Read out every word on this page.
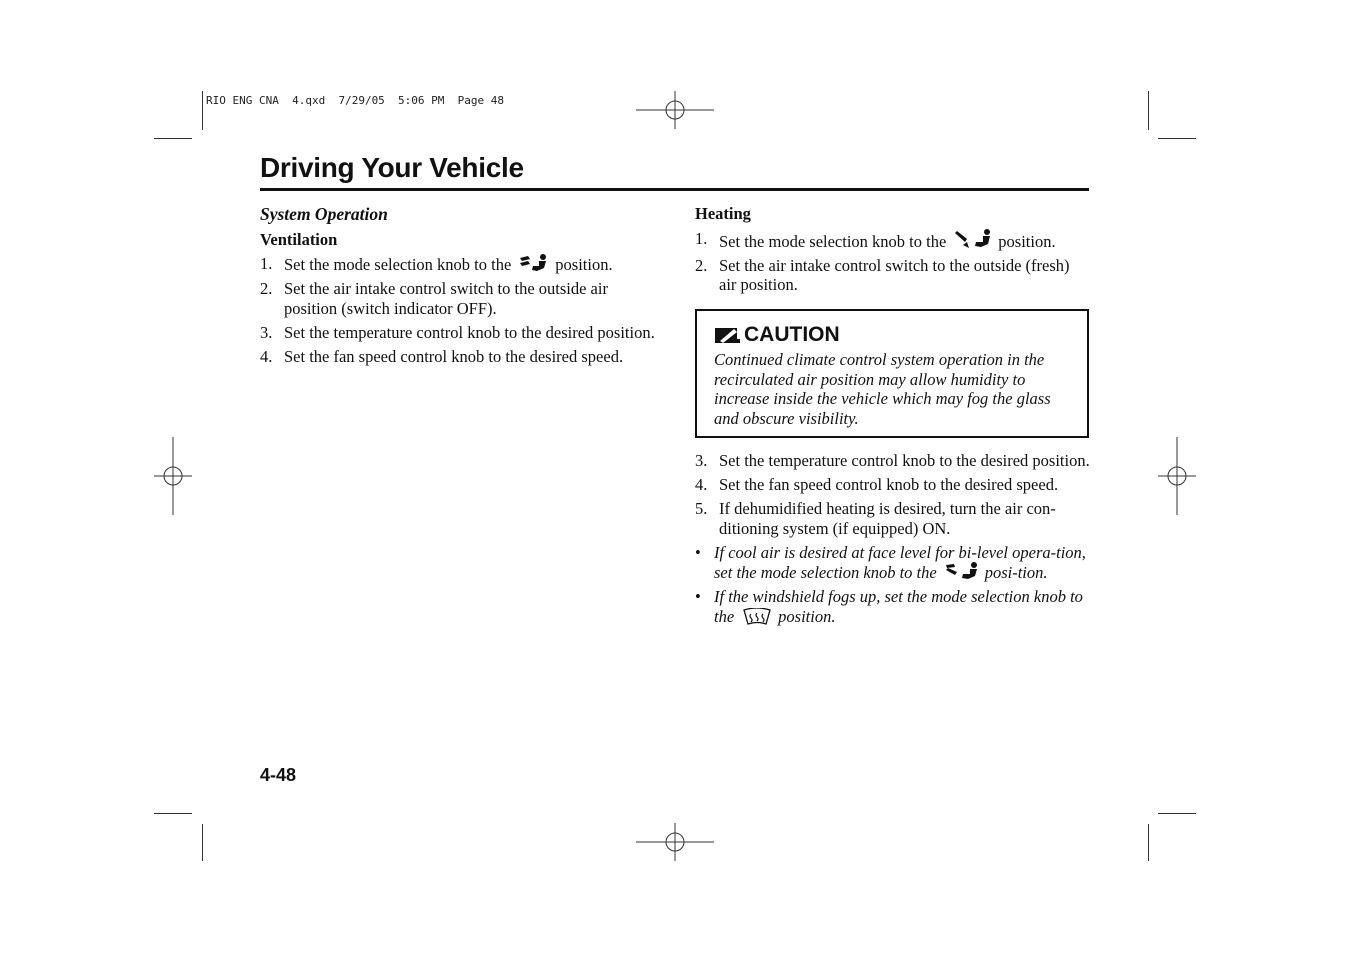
RIO ENG CNA  4.qxd  7/29/05  5:06 PM  Page 48
Driving Your Vehicle
System Operation
Ventilation
1. Set the mode selection knob to the	position.
2. Set the air intake control switch to the outside air position (switch indicator OFF).
3. Set the temperature control knob to the desired position.
4. Set the fan speed control knob to the desired speed.
Heating
1. Set the mode selection knob to the	position.
2. Set the air intake control switch to the outside (fresh) air position.
CAUTION
Continued climate control system operation in the recirculated air position may allow humidity to increase inside the vehicle which may fog the glass and obscure visibility.
3. Set the temperature control knob to the desired position.
4. Set the fan speed control knob to the desired speed.
5. If dehumidified heating is desired, turn the air con-ditioning system (if equipped) ON.
• If cool air is desired at face level for bi-level opera-tion, set the mode selection knob to the	posi-tion.
• If the windshield fogs up, set the mode selection knob to the	position.
4-48
